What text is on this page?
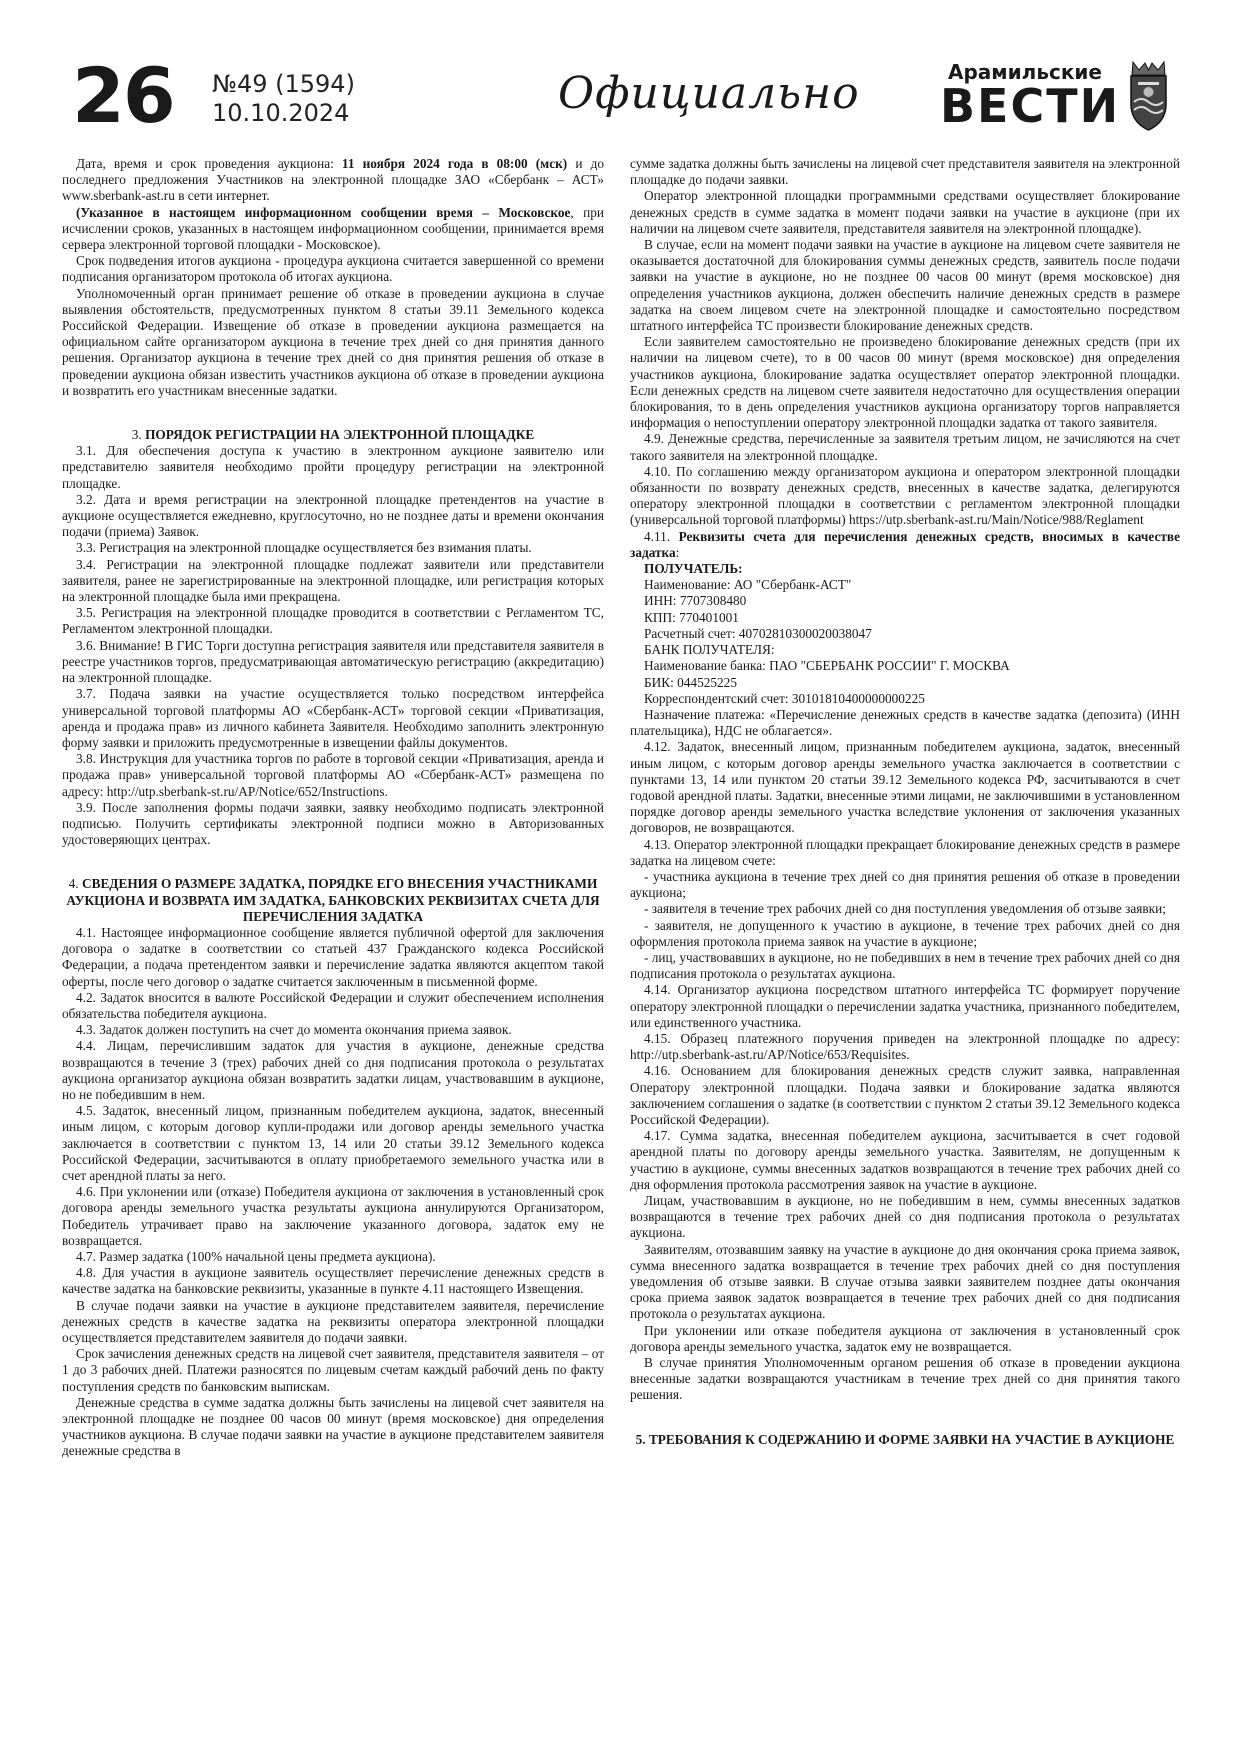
26 №49 (1594)
10.10.2024	Официально	Арамильские
ВЕСТИ

Дата, время и срок проведения аукциона: 11 ноября 2024 года в 08:00 (мск) и до последнего предложения Участников на электронной площадке ЗАО «Сбербанк – АСТ» www.sberbank-ast.ru в сети интернет.

(Указанное в настоящем информационном сообщении время – Московское, при исчислении сроков, указанных в настоящем информационном сообщении, принимается время сервера электронной торговой площадки - Московское).

Срок подведения итогов аукциона - процедура аукциона считается завершенной со времени подписания организатором протокола об итогах аукциона.

Уполномоченный орган принимает решение об отказе в проведении аукциона в случае выявления обстоятельств, предусмотренных пунктом 8 статьи 39.11 Земельного кодекса Российской Федерации. Извещение об отказе в проведении аукциона размещается на официальном сайте организатором аукциона в течение трех дней со дня принятия данного решения. Организатор аукциона в течение трех дней со дня принятия решения об отказе в проведении аукциона обязан известить участников аукциона об отказе в проведении аукциона и возвратить его участникам внесенные задатки.

3. ПОРЯДОК РЕГИСТРАЦИИ НА ЭЛЕКТРОННОЙ ПЛОЩАДКЕ

3.1. Для обеспечения доступа к участию в электронном аукционе заявителю или представителю заявителя необходимо пройти процедуру регистрации на электронной площадке.

3.2. Дата и время регистрации на электронной площадке претендентов на участие в аукционе осуществляется ежедневно, круглосуточно, но не позднее даты и времени окончания подачи (приема) Заявок.

3.3. Регистрация на электронной площадке осуществляется без взимания платы.

3.4. Регистрации на электронной площадке подлежат заявители или представители заявителя, ранее не зарегистрированные на электронной площадке, или регистрация которых на электронной площадке была ими прекращена.

3.5. Регистрация на электронной площадке проводится в соответствии с Регламентом ТС, Регламентом электронной площадки.

3.6. Внимание! В ГИС Торги доступна регистрация заявителя или представителя заявителя в реестре участников торгов, предусматривающая автоматическую регистрацию (аккредитацию) на электронной площадке.

3.7. Подача заявки на участие осуществляется только посредством интерфейса универсальной торговой платформы АО «Сбербанк-АСТ» торговой секции «Приватизация, аренда и продажа прав» из личного кабинета Заявителя. Необходимо заполнить электронную форму заявки и приложить предусмотренные в извещении файлы документов.

3.8. Инструкция для участника торгов по работе в торговой секции «Приватизация, аренда и продажа прав» универсальной торговой платформы АО «Сбербанк-АСТ» размещена по адресу: http://utp.sberbank-st.ru/AP/Notice/652/Instructions.

3.9. После заполнения формы подачи заявки, заявку необходимо подписать электронной подписью. Получить сертификаты электронной подписи можно в Авторизованных удостоверяющих центрах.

4. СВЕДЕНИЯ О РАЗМЕРЕ ЗАДАТКА, ПОРЯДКЕ ЕГО ВНЕСЕНИЯ УЧАСТНИКАМИ АУКЦИОНА И ВОЗВРАТА ИМ ЗАДАТКА, БАНКОВСКИХ РЕКВИЗИТАХ СЧЕТА ДЛЯ ПЕРЕЧИСЛЕНИЯ ЗАДАТКА

4.1. Настоящее информационное сообщение является публичной офертой для заключения договора о задатке в соответствии со статьей 437 Гражданского кодекса Российской Федерации, а подача претендентом заявки и перечисление задатка являются акцептом такой оферты, после чего договор о задатке считается заключенным в письменной форме.

4.2. Задаток вносится в валюте Российской Федерации и служит обеспечением исполнения обязательства победителя аукциона.

4.3. Задаток должен поступить на счет до момента окончания приема заявок.

4.4. Лицам, перечислившим задаток для участия в аукционе, денежные средства возвращаются в течение 3 (трех) рабочих дней со дня подписания протокола о результатах аукциона организатор аукциона обязан возвратить задатки лицам, участвовавшим в аукционе, но не победившим в нем.

4.5. Задаток, внесенный лицом, признанным победителем аукциона, задаток, внесенный иным лицом, с которым договор купли-продажи или договор аренды земельного участка заключается в соответствии с пунктом 13, 14 или 20 статьи 39.12 Земельного кодекса Российской Федерации, засчитываются в оплату приобретаемого земельного участка или в счет арендной платы за него.

4.6. При уклонении или (отказе) Победителя аукциона от заключения в установленный срок договора аренды земельного участка результаты аукциона аннулируются Организатором, Победитель утрачивает право на заключение указанного договора, задаток ему не возвращается.

4.7. Размер задатка (100% начальной цены предмета аукциона).

4.8. Для участия в аукционе заявитель осуществляет перечисление денежных средств в качестве задатка на банковские реквизиты, указанные в пункте 4.11 настоящего Извещения.

В случае подачи заявки на участие в аукционе представителем заявителя, перечисление денежных средств в качестве задатка на реквизиты оператора электронной площадки осуществляется представителем заявителя до подачи заявки.

Срок зачисления денежных средств на лицевой счет заявителя, представителя заявителя – от 1 до 3 рабочих дней. Платежи разносятся по лицевым счетам каждый рабочий день по факту поступления средств по банковским выпискам.

Денежные средства в сумме задатка должны быть зачислены на лицевой счет заявителя на электронной площадке не позднее 00 часов 00 минут (время московское) дня определения участников аукциона. В случае подачи заявки на участие в аукционе представителем заявителя денежные средства в

сумме задатка должны быть зачислены на лицевой счет представителя заявителя на электронной площадке до подачи заявки.

Оператор электронной площадки программными средствами осуществляет блокирование денежных средств в сумме задатка в момент подачи заявки на участие в аукционе (при их наличии на лицевом счете заявителя, представителя заявителя на электронной площадке).

В случае, если на момент подачи заявки на участие в аукционе на лицевом счете заявителя не оказывается достаточной для блокирования суммы денежных средств, заявитель после подачи заявки на участие в аукционе, но не позднее 00 часов 00 минут (время московское) дня определения участников аукциона, должен обеспечить наличие денежных средств в размере задатка на своем лицевом счете на электронной площадке и самостоятельно посредством штатного интерфейса ТС произвести блокирование денежных средств.

Если заявителем самостоятельно не произведено блокирование денежных средств (при их наличии на лицевом счете), то в 00 часов 00 минут (время московское) дня определения участников аукциона, блокирование задатка осуществляет оператор электронной площадки. Если денежных средств на лицевом счете заявителя недостаточно для осуществления операции блокирования, то в день определения участников аукциона организатору торгов направляется информация о непоступлении оператору электронной площадки задатка от такого заявителя.

4.9. Денежные средства, перечисленные за заявителя третьим лицом, не зачисляются на счет такого заявителя на электронной площадке.

4.10. По соглашению между организатором аукциона и оператором электронной площадки обязанности по возврату денежных средств, внесенных в качестве задатка, делегируются оператору электронной площадки в соответствии с регламентом электронной площадки (универсальной торговой платформы) https://utp.sberbank-ast.ru/Main/Notice/988/Reglament

4.11. Реквизиты счета для перечисления денежных средств, вносимых в качестве задатка:

ПОЛУЧАТЕЛЬ:

Наименование: АО "Сбербанк-АСТ"

ИНН: 7707308480

КПП: 770401001

Расчетный счет: 40702810300020038047

БАНК ПОЛУЧАТЕЛЯ:

Наименование банка: ПАО "СБЕРБАНК РОССИИ" Г. МОСКВА

БИК: 044525225

Корреспондентский счет: 30101810400000000225

Назначение платежа: «Перечисление денежных средств в качестве задатка (депозита) (ИНН плательщика), НДС не облагается».

4.12. Задаток, внесенный лицом, признанным победителем аукциона, задаток, внесенный иным лицом, с которым договор аренды земельного участка заключается в соответствии с пунктами 13, 14 или пунктом 20 статьи 39.12 Земельного кодекса РФ, засчитываются в счет годовой арендной платы. Задатки, внесенные этими лицами, не заключившими в установленном порядке договор аренды земельного участка вследствие уклонения от заключения указанных договоров, не возвращаются.

4.13. Оператор электронной площадки прекращает блокирование денежных средств в размере задатка на лицевом счете:

- участника аукциона в течение трех дней со дня принятия решения об отказе в проведении аукциона;

- заявителя в течение трех рабочих дней со дня поступления уведомления об отзыве заявки;

- заявителя, не допущенного к участию в аукционе, в течение трех рабочих дней со дня оформления протокола приема заявок на участие в аукционе;

- лиц, участвовавших в аукционе, но не победивших в нем в течение трех рабочих дней со дня подписания протокола о результатах аукциона.

4.14. Организатор аукциона посредством штатного интерфейса ТС формирует поручение оператору электронной площадки о перечислении задатка участника, признанного победителем, или единственного участника.

4.15. Образец платежного поручения приведен на электронной площадке по адресу: http://utp.sberbank-ast.ru/AP/Notice/653/Requisites.

4.16. Основанием для блокирования денежных средств служит заявка, направленная Оператору электронной площадки. Подача заявки и блокирование задатка являются заключением соглашения о задатке (в соответствии с пунктом 2 статьи 39.12 Земельного кодекса Российской Федерации).

4.17. Сумма задатка, внесенная победителем аукциона, засчитывается в счет годовой арендной платы по договору аренды земельного участка. Заявителям, не допущенным к участию в аукционе, суммы внесенных задатков возвращаются в течение трех рабочих дней со дня оформления протокола рассмотрения заявок на участие в аукционе.

Лицам, участвовавшим в аукционе, но не победившим в нем, суммы внесенных задатков возвращаются в течение трех рабочих дней со дня подписания протокола о результатах аукциона.

Заявителям, отозвавшим заявку на участие в аукционе до дня окончания срока приема заявок, сумма внесенного задатка возвращается в течение трех рабочих дней со дня поступления уведомления об отзыве заявки. В случае отзыва заявки заявителем позднее даты окончания срока приема заявок задаток возвращается в течение трех рабочих дней со дня подписания протокола о результатах аукциона.

При уклонении или отказе победителя аукциона от заключения в установленный срок договора аренды земельного участка, задаток ему не возвращается.

В случае принятия Уполномоченным органом решения об отказе в проведении аукциона внесенные задатки возвращаются участникам в течение трех дней со дня принятия такого решения.

5. ТРЕБОВАНИЯ К СОДЕРЖАНИЮ И ФОРМЕ ЗАЯВКИ НА УЧАСТИЕ В АУКЦИОНЕ
